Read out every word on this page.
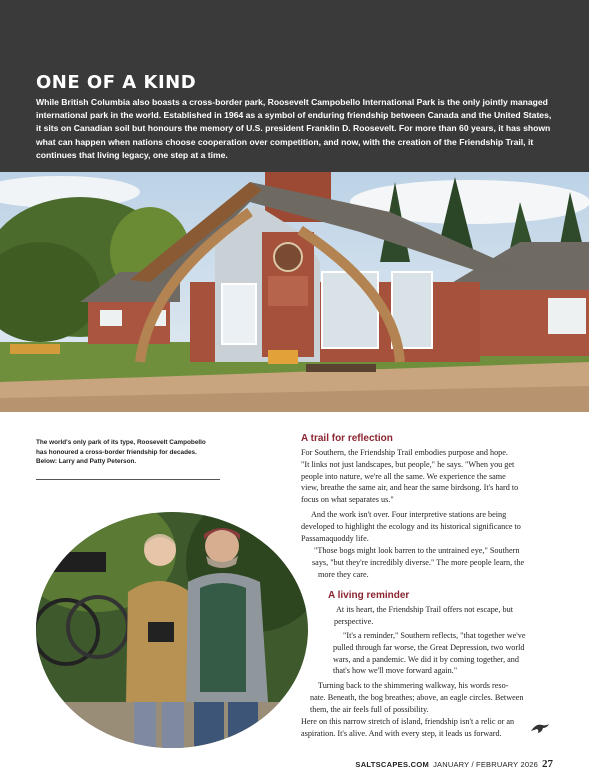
ONE OF A KIND
While British Columbia also boasts a cross-border park, Roosevelt Campobello International Park is the only jointly managed international park in the world. Established in 1964 as a symbol of enduring friendship between Canada and the United States, it sits on Canadian soil but honours the memory of U.S. president Franklin D. Roosevelt. For more than 60 years, it has shown what can happen when nations choose cooperation over competition, and now, with the creation of the Friendship Trail, it continues that living legacy, one step at a time.
The world's only park of its type, Roosevelt Campobello
has honoured a cross-border friendship for decades.
Below: Larry and Patty Peterson.
A trail for reflection
For Southern, the Friendship Trail embodies purpose and hope.
"It links not just landscapes, but people," he says. "When you get
people into nature, we're all the same. We experience the same
view, breathe the same air, and hear the same birdsong. It's hard to
focus on what separates us."
And the work isn't over. Four interpretive stations are being
developed to highlight the ecology and its historical significance to
Passamaquoddy life.
"Those bogs might look barren to the untrained eye," Southern
says, "but they're incredibly diverse." The more people learn, the
more they care.
A living reminder
At its heart, the Friendship Trail offers not escape, but
perspective.
"It's a reminder," Southern reflects, "that together we've
pulled through far worse, the Great Depression, two world
wars, and a pandemic. We did it by coming together, and
that's how we'll move forward again."
Turning back to the shimmering walkway, his words reso-
nate. Beneath, the bog breathes; above, an eagle circles. Between
them, the air feels full of possibility.
Here on this narrow stretch of island, friendship isn't a relic or an
aspiration. It's alive. And with every step, it leads us forward.
SALTSCAPES.COM JANUARY / FEBRUARY 2026 27
